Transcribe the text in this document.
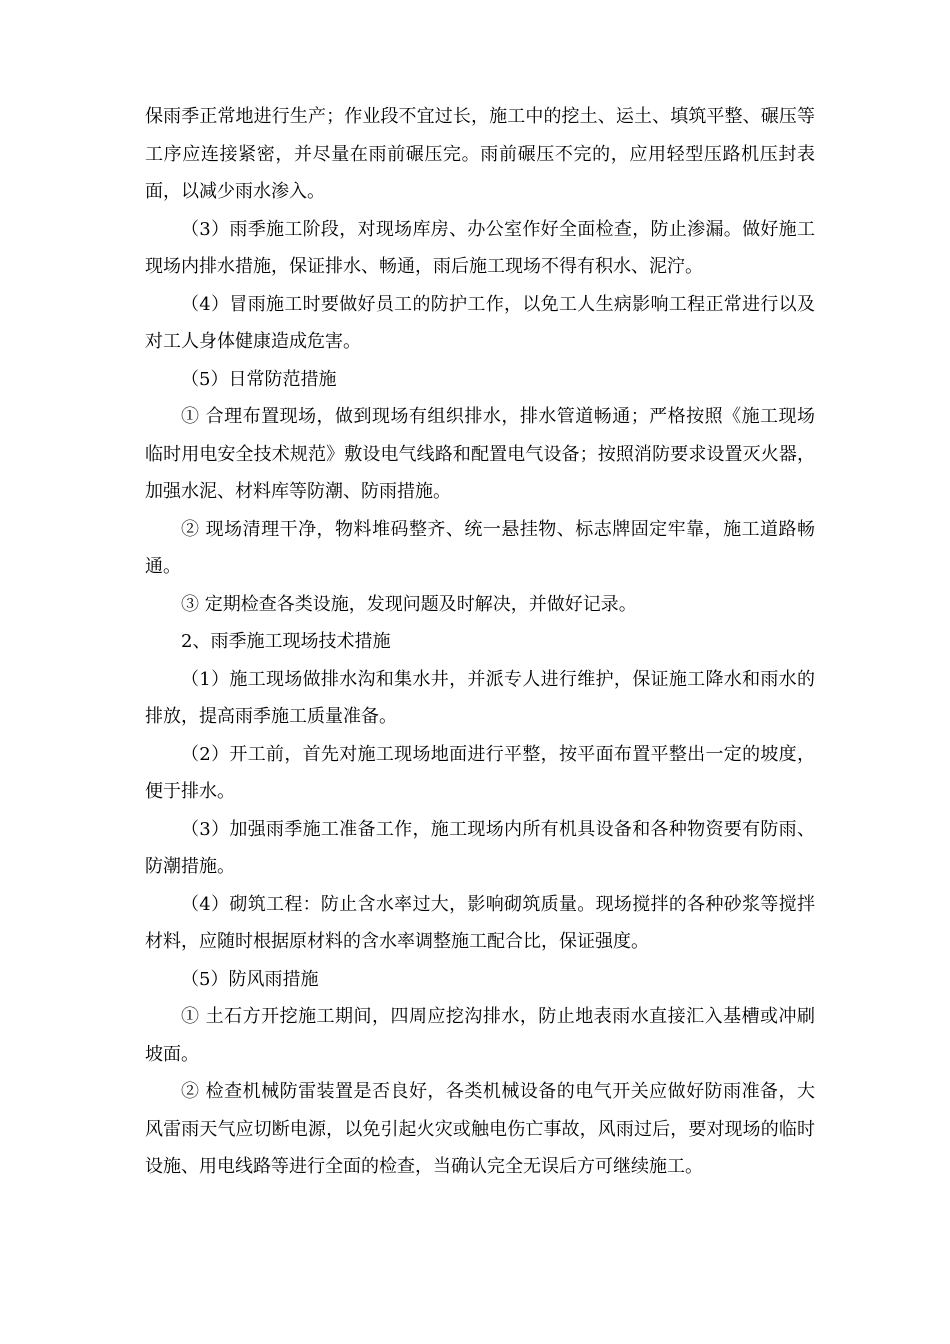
保雨季正常地进行生产；作业段不宜过长，施工中的挖土、运土、填筑平整、碾压等工序应连接紧密，并尽量在雨前碾压完。雨前碾压不完的，应用轻型压路机压封表面，以减少雨水渗入。

（3）雨季施工阶段，对现场库房、办公室作好全面检查，防止渗漏。做好施工现场内排水措施，保证排水、畅通，雨后施工现场不得有积水、泥泞。

（4）冒雨施工时要做好员工的防护工作，以免工人生病影响工程正常进行以及对工人身体健康造成危害。

（5）日常防范措施

① 合理布置现场，做到现场有组织排水，排水管道畅通；严格按照《施工现场临时用电安全技术规范》敷设电气线路和配置电气设备；按照消防要求设置灭火器，加强水泥、材料库等防潮、防雨措施。

② 现场清理干净，物料堆码整齐、统一悬挂物、标志牌固定牢靠，施工道路畅通。

③ 定期检查各类设施，发现问题及时解决，并做好记录。

2、雨季施工现场技术措施

（1）施工现场做排水沟和集水井，并派专人进行维护，保证施工降水和雨水的排放，提高雨季施工质量准备。

（2）开工前，首先对施工现场地面进行平整，按平面布置平整出一定的坡度，便于排水。

（3）加强雨季施工准备工作，施工现场内所有机具设备和各种物资要有防雨、防潮措施。

（4）砌筑工程：防止含水率过大，影响砌筑质量。现场搅拌的各种砂浆等搅拌材料，应随时根据原材料的含水率调整施工配合比，保证强度。

（5）防风雨措施

① 土石方开挖施工期间，四周应挖沟排水，防止地表雨水直接汇入基槽或冲刷坡面。

② 检查机械防雷装置是否良好，各类机械设备的电气开关应做好防雨准备，大风雷雨天气应切断电源，以免引起火灾或触电伤亡事故，风雨过后，要对现场的临时设施、用电线路等进行全面的检查，当确认完全无误后方可继续施工。
